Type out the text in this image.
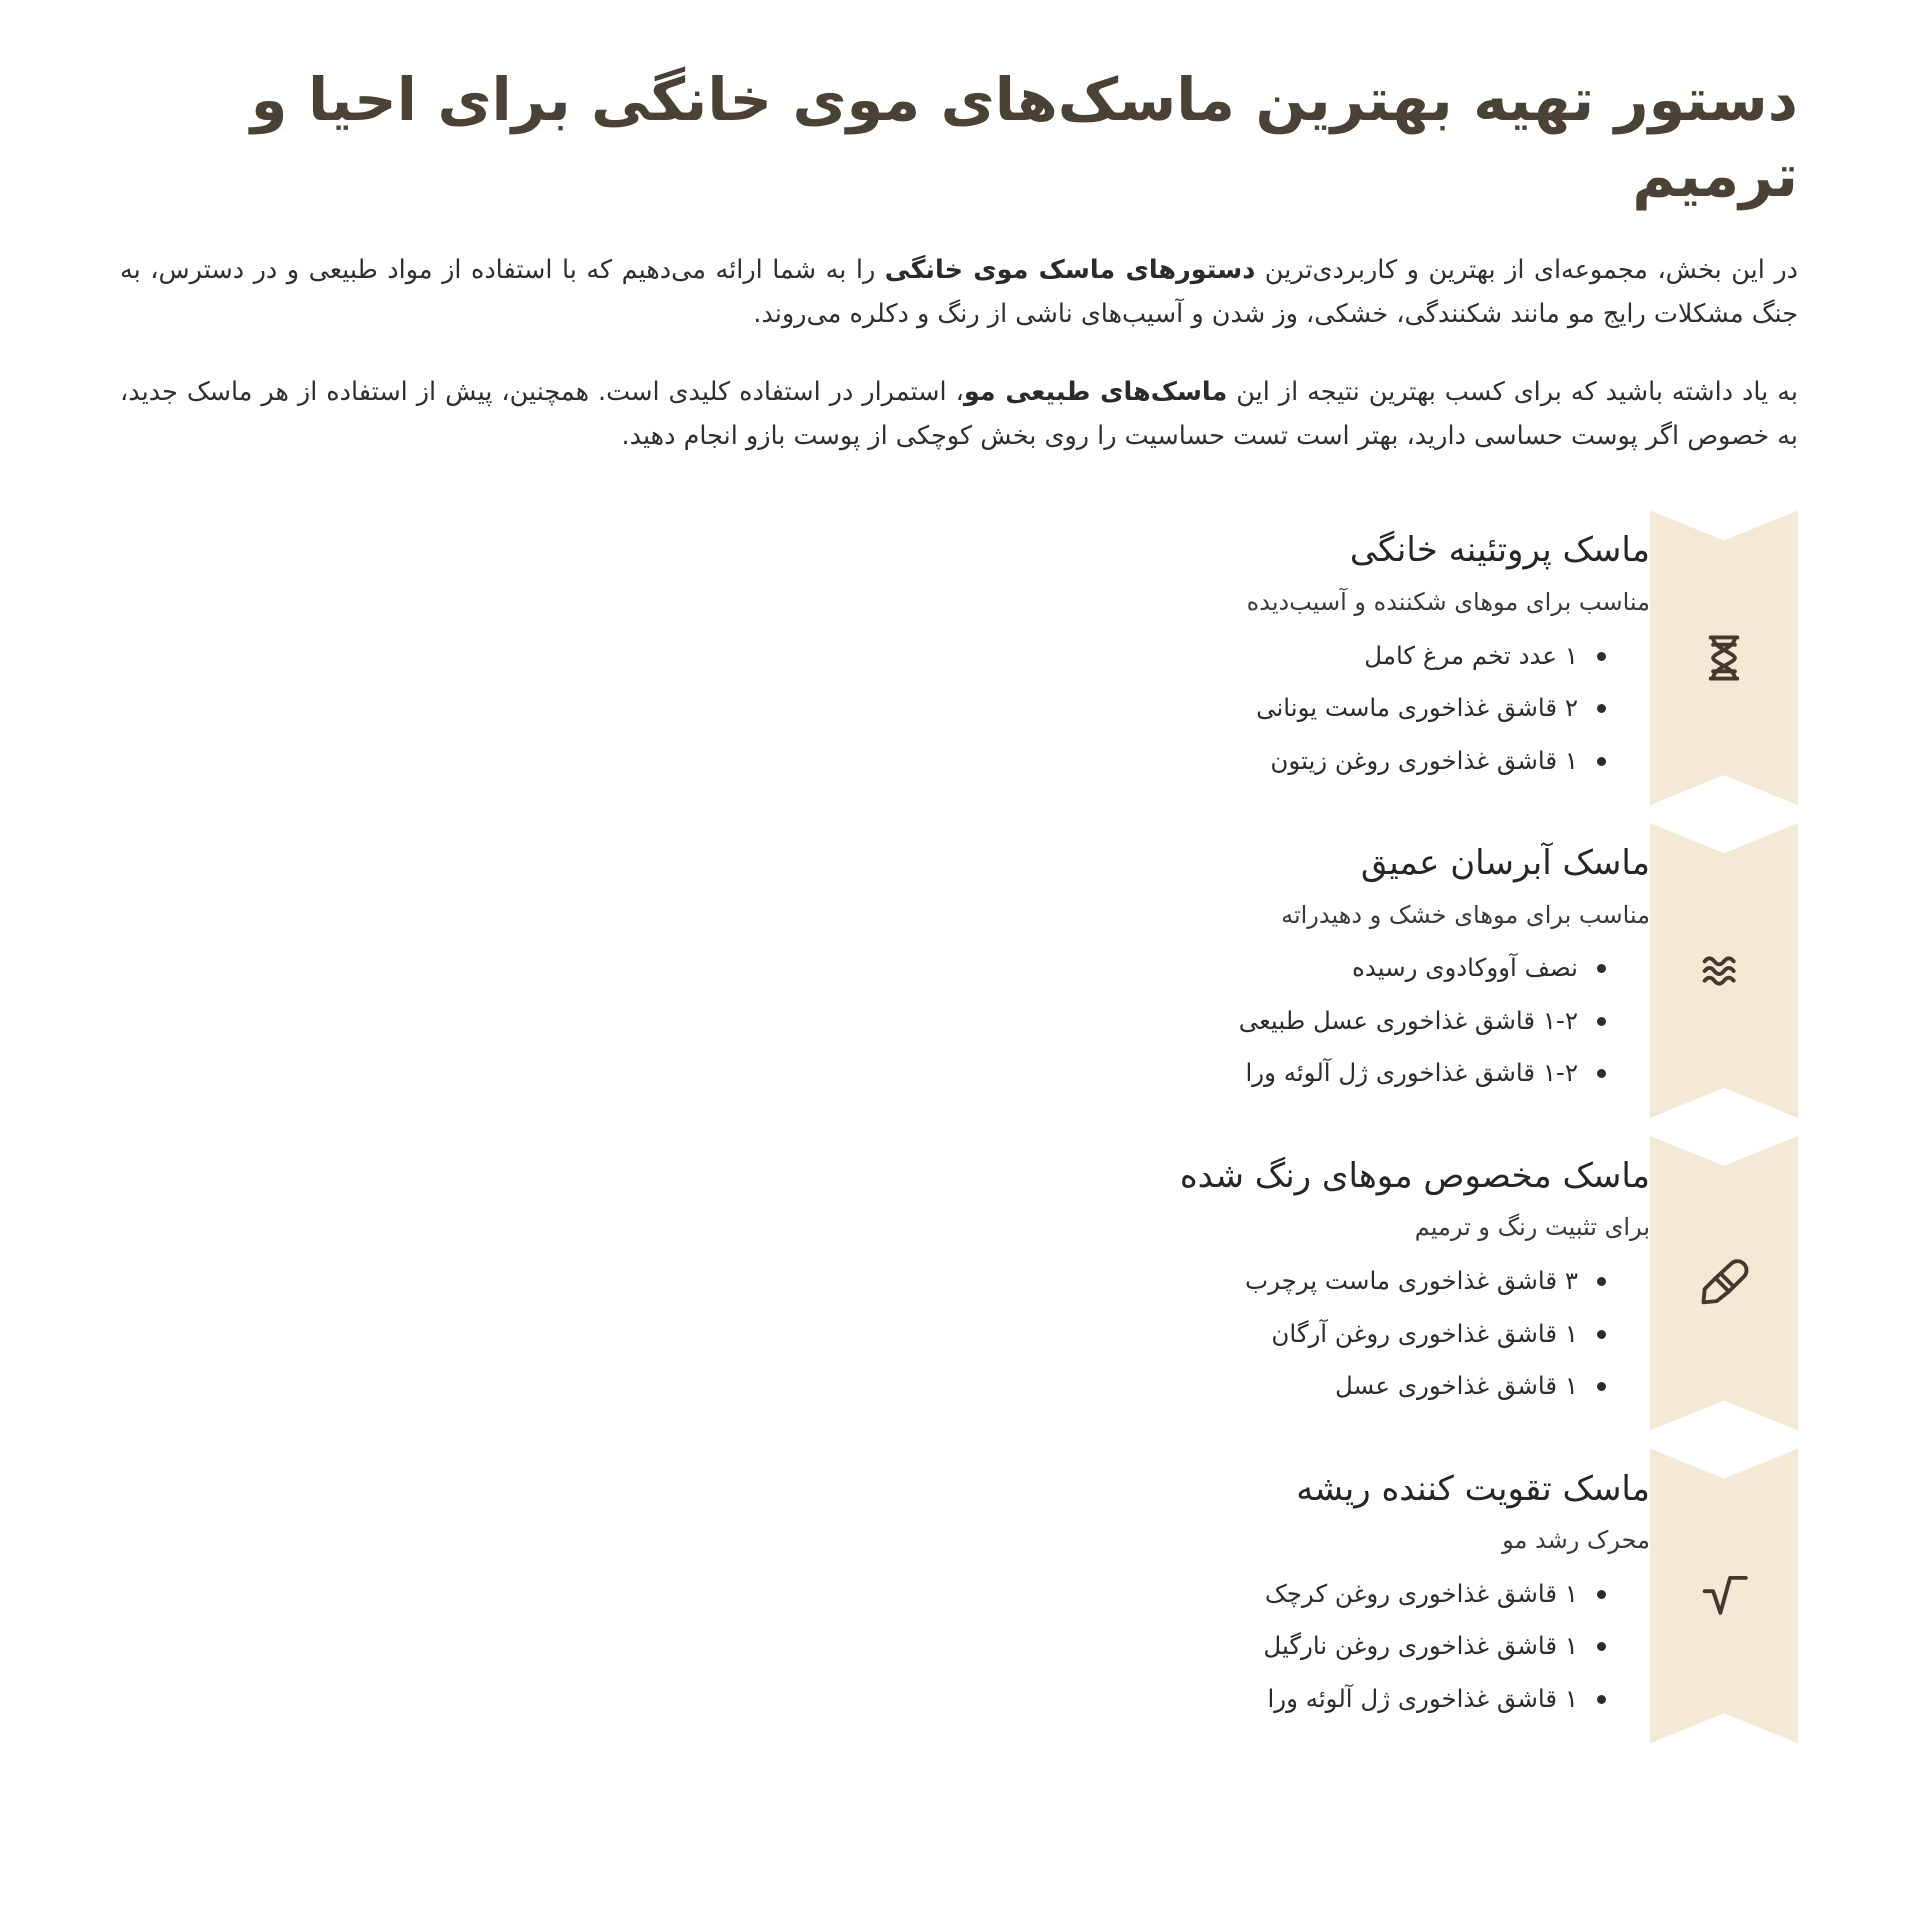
دستور تهیه بهترین ماسک‌های موی خانگی برای احیا و ترمیم

در این بخش، مجموعه‌ای از بهترین و کاربردی‌ترین دستورهای ماسک موی خانگی را به شما ارائه می‌دهیم که با استفاده از مواد طبیعی و در دسترس، به جنگ مشکلات رایج مو مانند شکنندگی، خشکی، وز شدن و آسیب‌های ناشی از رنگ و دکلره می‌روند.

به یاد داشته باشید که برای کسب بهترین نتیجه از این ماسک‌های طبیعی مو، استمرار در استفاده کلیدی است. همچنین، پیش از استفاده از هر ماسک جدید، به خصوص اگر پوست حساسی دارید، بهتر است تست حساسیت را روی بخش کوچکی از پوست بازو انجام دهید.

ماسک پروتئینه خانگی

مناسب برای موهای شکننده و آسیب‌دیده

۱ عدد تخم مرغ کامل
۲ قاشق غذاخوری ماست یونانی
۱ قاشق غذاخوری روغن زیتون
ماسک آبرسان عمیق

مناسب برای موهای خشک و دهیدراته

نصف آووکادوی رسیده
۱-۲ قاشق غذاخوری عسل طبیعی
۱-۲ قاشق غذاخوری ژل آلوئه ورا
ماسک مخصوص موهای رنگ شده

برای تثبیت رنگ و ترمیم

۳ قاشق غذاخوری ماست پرچرب
۱ قاشق غذاخوری روغن آرگان
۱ قاشق غذاخوری عسل
ماسک تقویت کننده ریشه

محرک رشد مو

۱ قاشق غذاخوری روغن کرچک
۱ قاشق غذاخوری روغن نارگیل
۱ قاشق غذاخوری ژل آلوئه ورا
